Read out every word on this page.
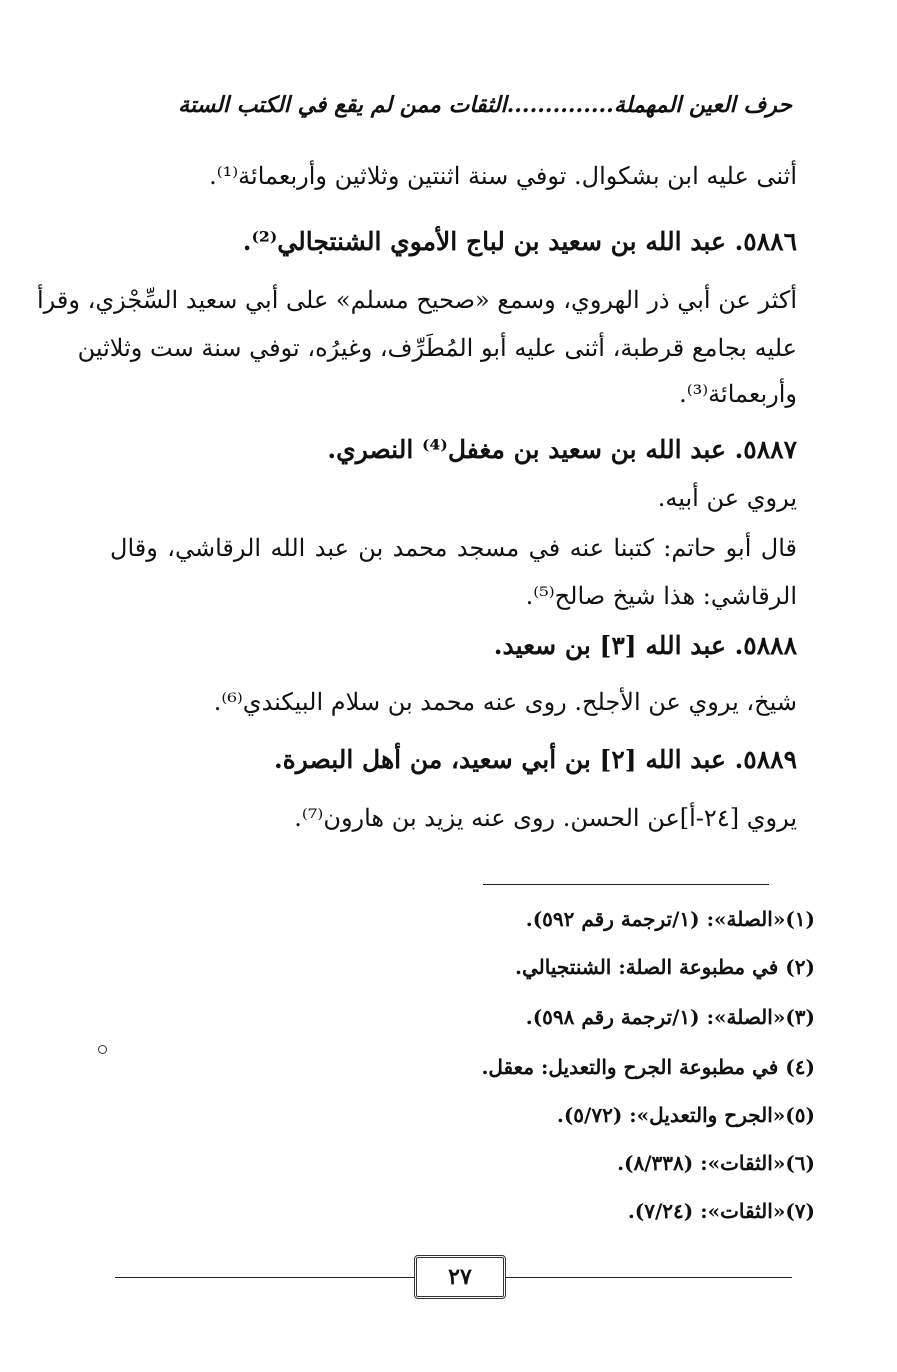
حرف العين المهملة..............الثقات ممن لم يقع في الكتب الستة
أثنى عليه ابن بشكوال. توفي سنة اثنتين وثلاثين وأربعمائة⁽¹⁾.
٥٨٨٦. عبد الله بن سعيد بن لباج الأموي الشنتجالي⁽²⁾.
أكثر عن أبي ذر الهروي، وسمع «صحيح مسلم» على أبي سعيد السِّجْزي، وقرأ
عليه بجامع قرطبة، أثنى عليه أبو المُطَرِّف، وغيرُه، توفي سنة ست وثلاثين
وأربعمائة⁽³⁾.
٥٨٨٧. عبد الله بن سعيد بن مغفل⁽⁴⁾ النصري.
يروي عن أبيه.
قال أبو حاتم: كتبنا عنه في مسجد محمد بن عبد الله الرقاشي، وقال
الرقاشي: هذا شيخ صالح⁽⁵⁾.
٥٨٨٨. عبد الله [٣] بن سعيد.
شيخ، يروي عن الأجلح. روى عنه محمد بن سلام البيكندي⁽⁶⁾.
٥٨٨٩. عبد الله [٢] بن أبي سعيد، من أهل البصرة.
يروي [٢٤-أ]عن الحسن. روى عنه يزيد بن هارون⁽⁷⁾.
(١)«الصلة»: (١/ترجمة رقم ٥٩٢).
(٢) في مطبوعة الصلة: الشنتجيالي.
(٣)«الصلة»: (١/ترجمة رقم ٥٩٨).
(٤) في مطبوعة الجرح والتعديل: معقل.
(٥)«الجرح والتعديل»: (٥/٧٢).
(٦)«الثقات»: (٨/٣٣٨).
(٧)«الثقات»: (٧/٢٤).
٢٧
